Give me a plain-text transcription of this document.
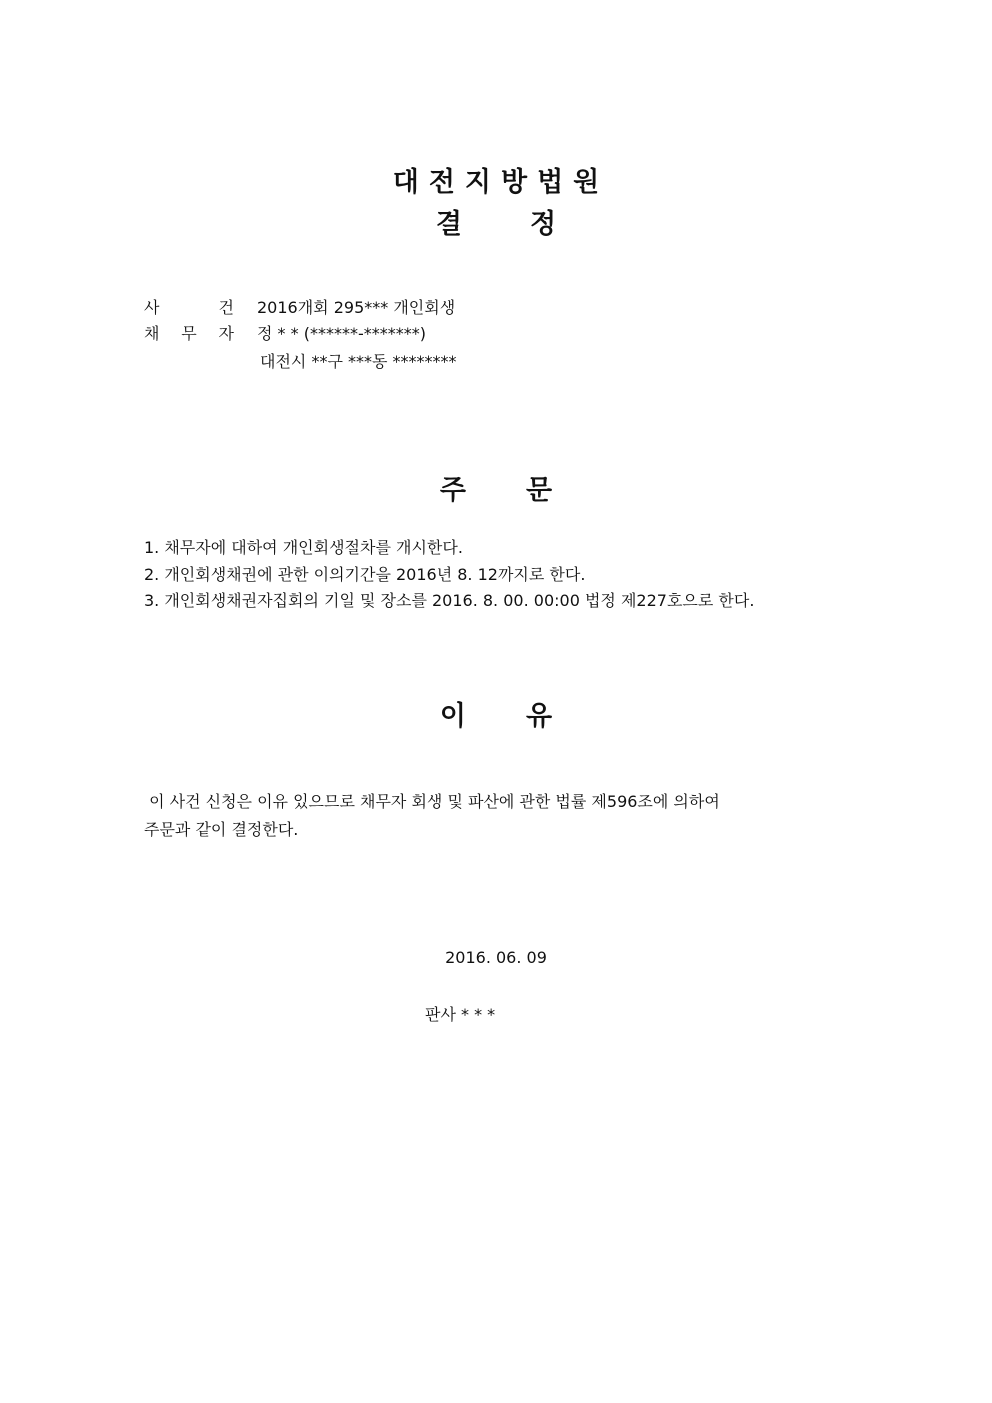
대전지방법원
결정
사	건 2016개회 295*** 개인회생
채 무 자 정 * * (******-*******)
대전시 **구 ***동 ********
주문
1. 채무자에 대하여 개인회생절차를 개시한다.
2. 개인회생채권에 관한 이의기간을 2016년 8. 12까지로 한다.
3. 개인회생채권자집회의 기일 및 장소를 2016. 8. 00. 00:00 법정 제227호으로 한다.
이유
이 사건 신청은 이유 있으므로 채무자 회생 및 파산에 관한 법률 제596조에 의하여
주문과 같이 결정한다.
2016. 06. 09
판사 * * *
